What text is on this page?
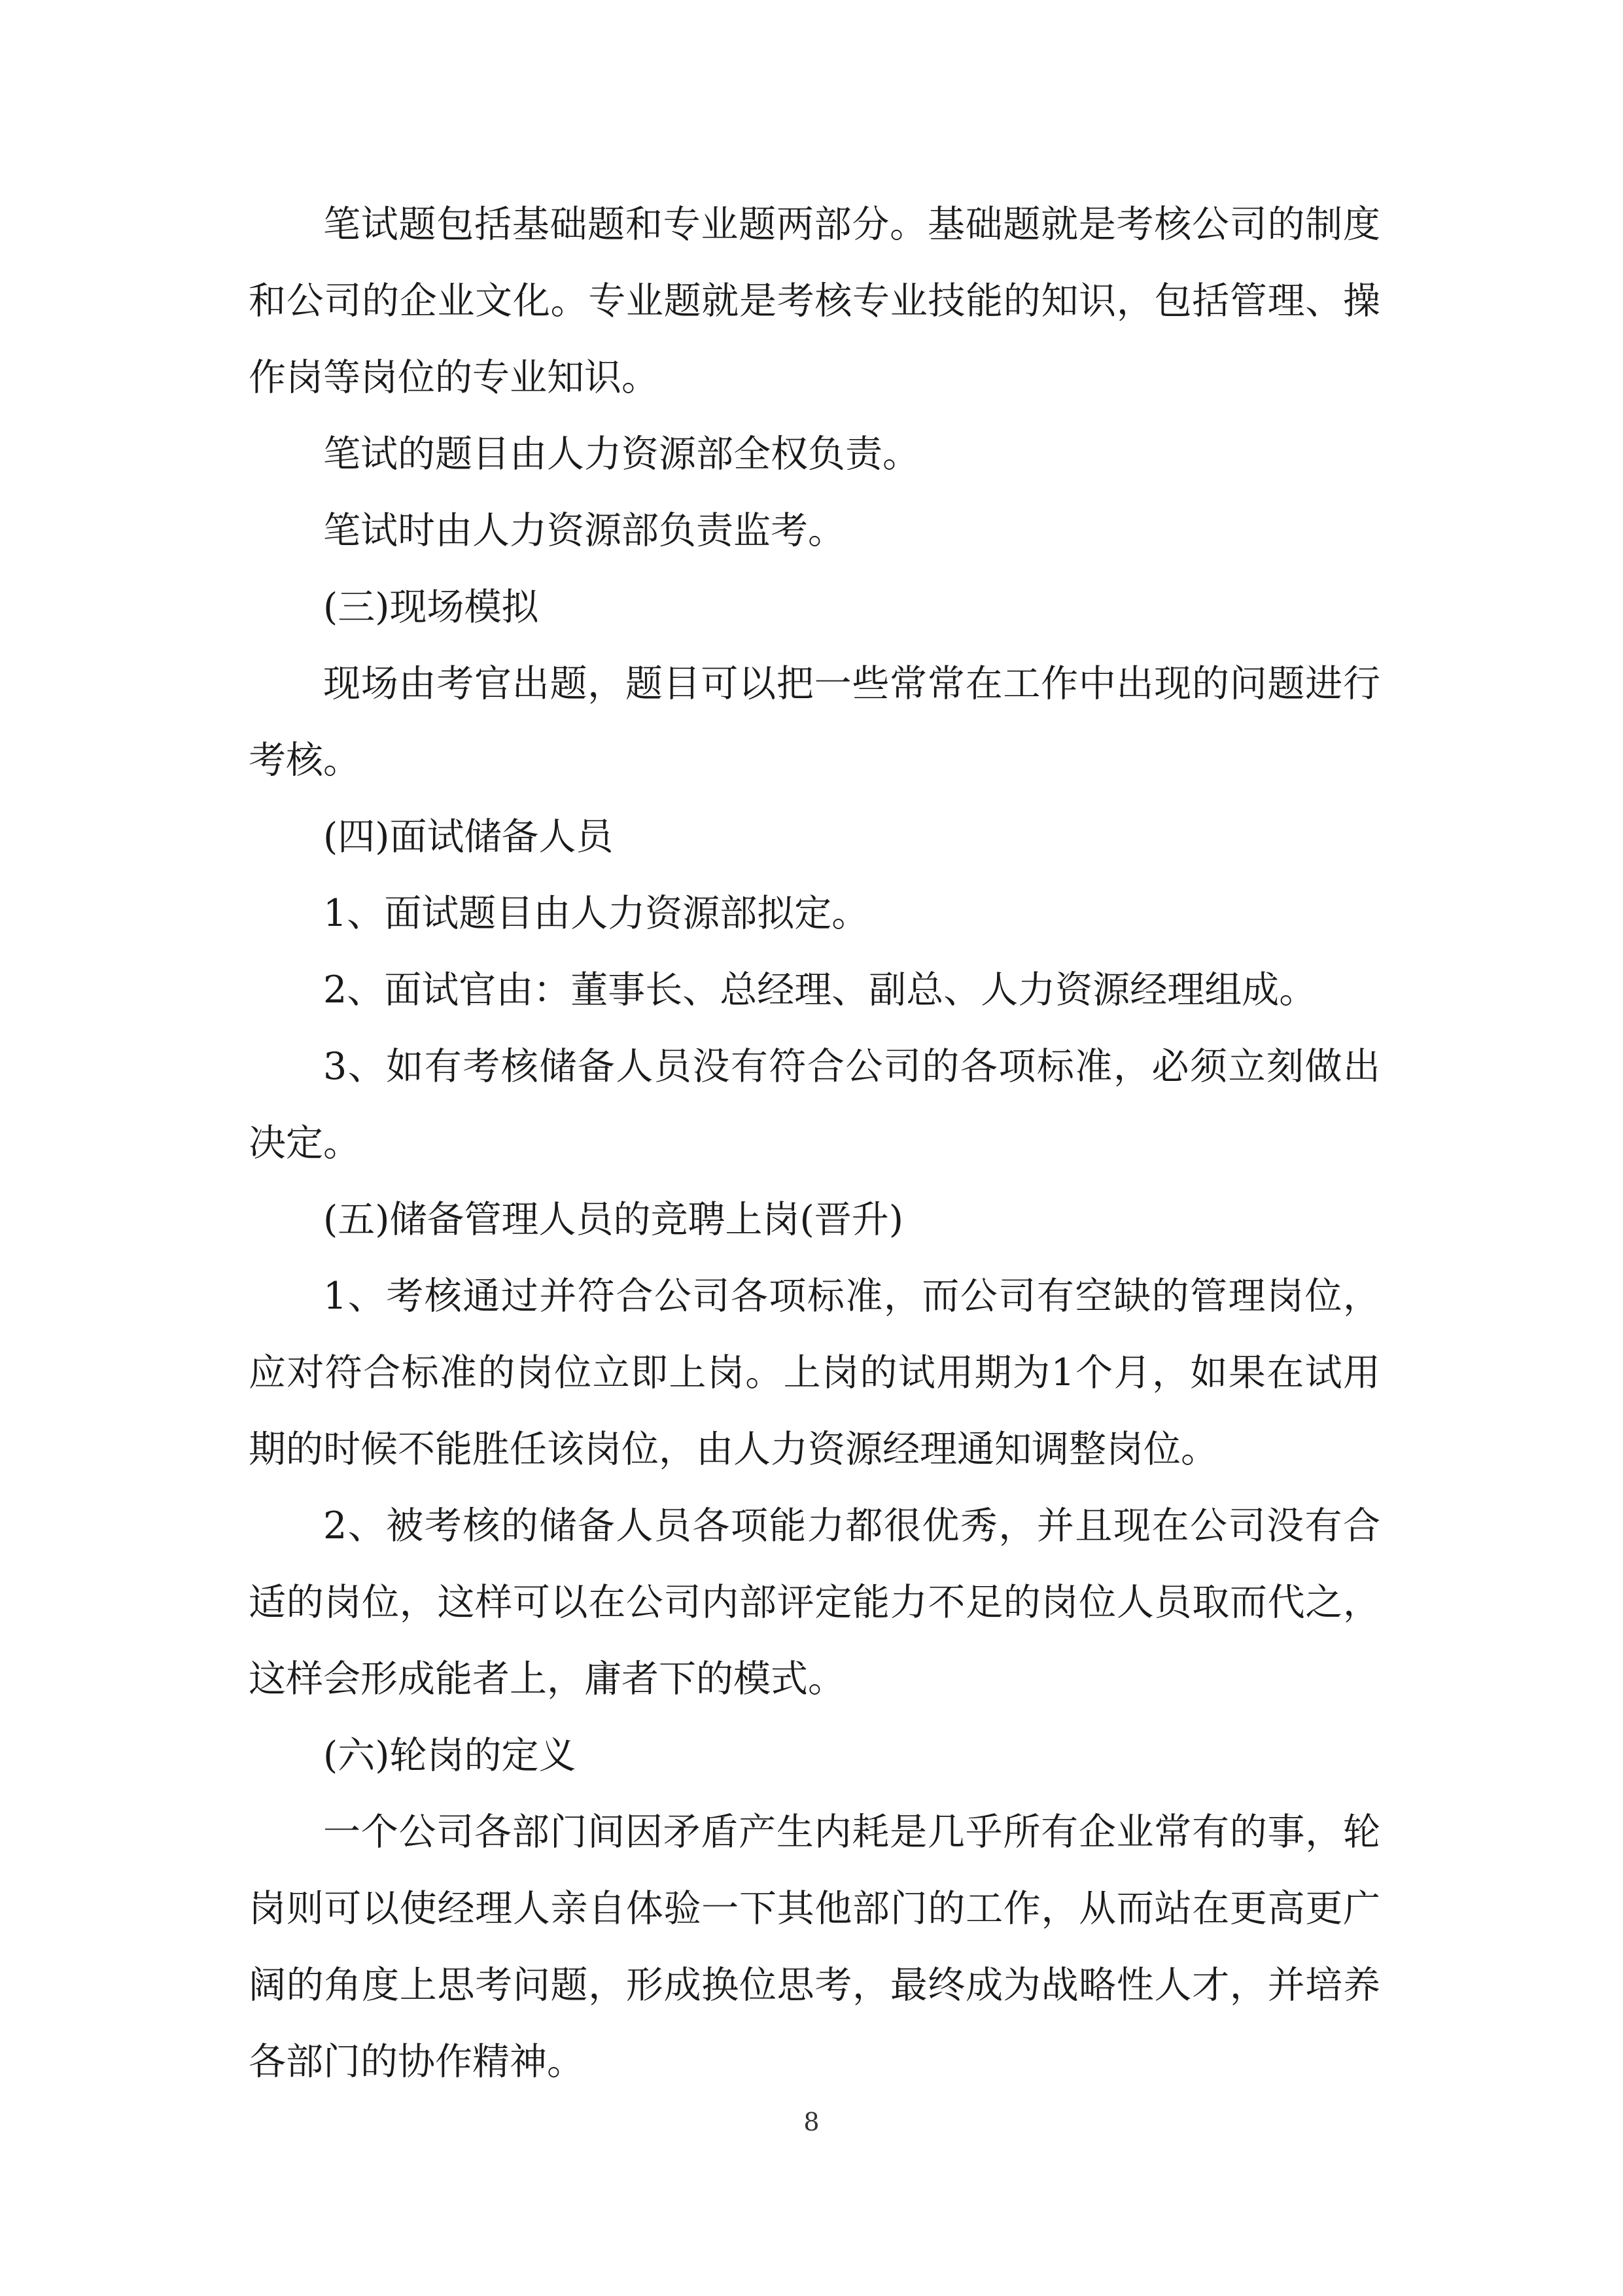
笔试题包括基础题和专业题两部分。基础题就是考核公司的制度和公司的企业文化。专业题就是考核专业技能的知识，包括管理、操作岗等岗位的专业知识。

笔试的题目由人力资源部全权负责。

笔试时由人力资源部负责监考。

(三)现场模拟

现场由考官出题，题目可以把一些常常在工作中出现的问题进行考核。

(四)面试储备人员

1、面试题目由人力资源部拟定。

2、面试官由：董事长、总经理、副总、人力资源经理组成。

3、如有考核储备人员没有符合公司的各项标准，必须立刻做出决定。

(五)储备管理人员的竞聘上岗(晋升)

1、考核通过并符合公司各项标准，而公司有空缺的管理岗位，应对符合标准的岗位立即上岗。上岗的试用期为1个月，如果在试用期的时候不能胜任该岗位，由人力资源经理通知调整岗位。

2、被考核的储备人员各项能力都很优秀，并且现在公司没有合适的岗位，这样可以在公司内部评定能力不足的岗位人员取而代之，这样会形成能者上，庸者下的模式。

(六)轮岗的定义

一个公司各部门间因矛盾产生内耗是几乎所有企业常有的事，轮岗则可以使经理人亲自体验一下其他部门的工作，从而站在更高更广阔的角度上思考问题，形成换位思考，最终成为战略性人才，并培养各部门的协作精神。

8
